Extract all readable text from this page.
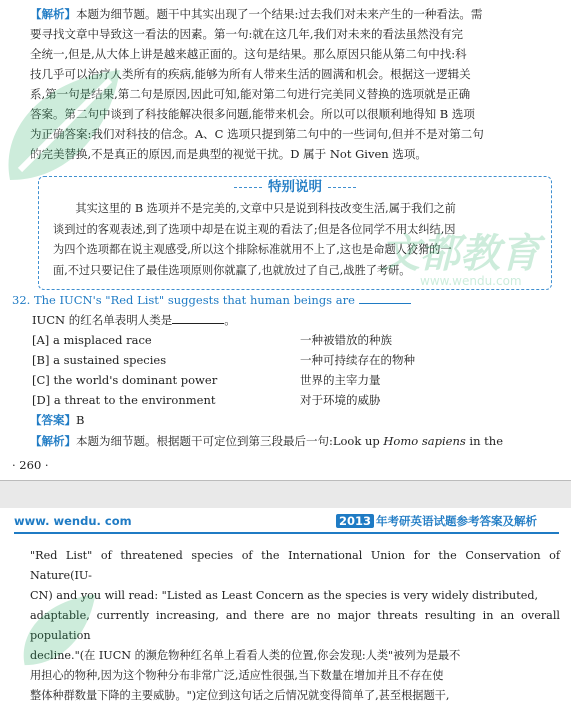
【解析】本题为细节题。题干中其实出现了一个结果:过去我们对未来产生的一种看法。需
要寻找文章中导致这一看法的因素。第一句:就在这几年,我们对未来的看法虽然没有完
全统一,但是,从大体上讲是越来越正面的。这句是结果。那么原因只能从第二句中找:科
技几乎可以治疗人类所有的疾病,能够为所有人带来生活的圆满和机会。根据这一逻辑关
系,第一句是结果,第二句是原因,因此可知,能对第二句进行完美同义替换的选项就是正确
答案。第二句中谈到了科技能解决很多问题,能带来机会。所以可以很顺利地得知 B 选项
为正确答案:我们对科技的信念。A、C 选项只提到第二句中的一些词句,但并不是对第二句
的完美替换,不是真正的原因,而是典型的视觉干扰。D 属于 Not Given 选项。
特别说明
其实这里的 B 选项并不是完美的,文章中只是说到科技改变生活,属于我们之前
谈到过的客观表述,到了选项中却是在说主观的看法了;但是各位同学不用太纠结,因
为四个选项都在说主观感受,所以这个排除标准就用不上了,这也是命题人狡猾的一
面,不过只要记住了最佳选项原则你就赢了,也就放过了自己,战胜了考研。
32. The IUCN's "Red List" suggests that human beings are
IUCN 的红名单表明人类是	。
[A] a misplaced race	一种被错放的种族
[B] a sustained species	一种可持续存在的物种
[C] the world's dominant power	世界的主宰力量
[D] a threat to the environment	对于环境的威胁
【答案】B
【解析】本题为细节题。根据题干可定位到第三段最后一句:Look up Homo sapiens in the
· 260 ·
文都教育
www.wendu.com
www. wendu. com	2013 年考研英语试题参考答案及解析
"Red List" of threatened species of the International Union for the Conservation of Nature(IU-
CN) and you will read: "Listed as Least Concern as the species is very widely distributed,
adaptable, currently increasing, and there are no major threats resulting in an overall population
decline."(在 IUCN 的濒危物种红名单上看看人类的位置,你会发现:人类"被列为是最不
用担心的物种,因为这个物种分布非常广泛,适应性很强,当下数量在增加并且不存在使
整体种群数量下降的主要威胁。")定位到这句话之后情况就变得简单了,甚至根据题干,
